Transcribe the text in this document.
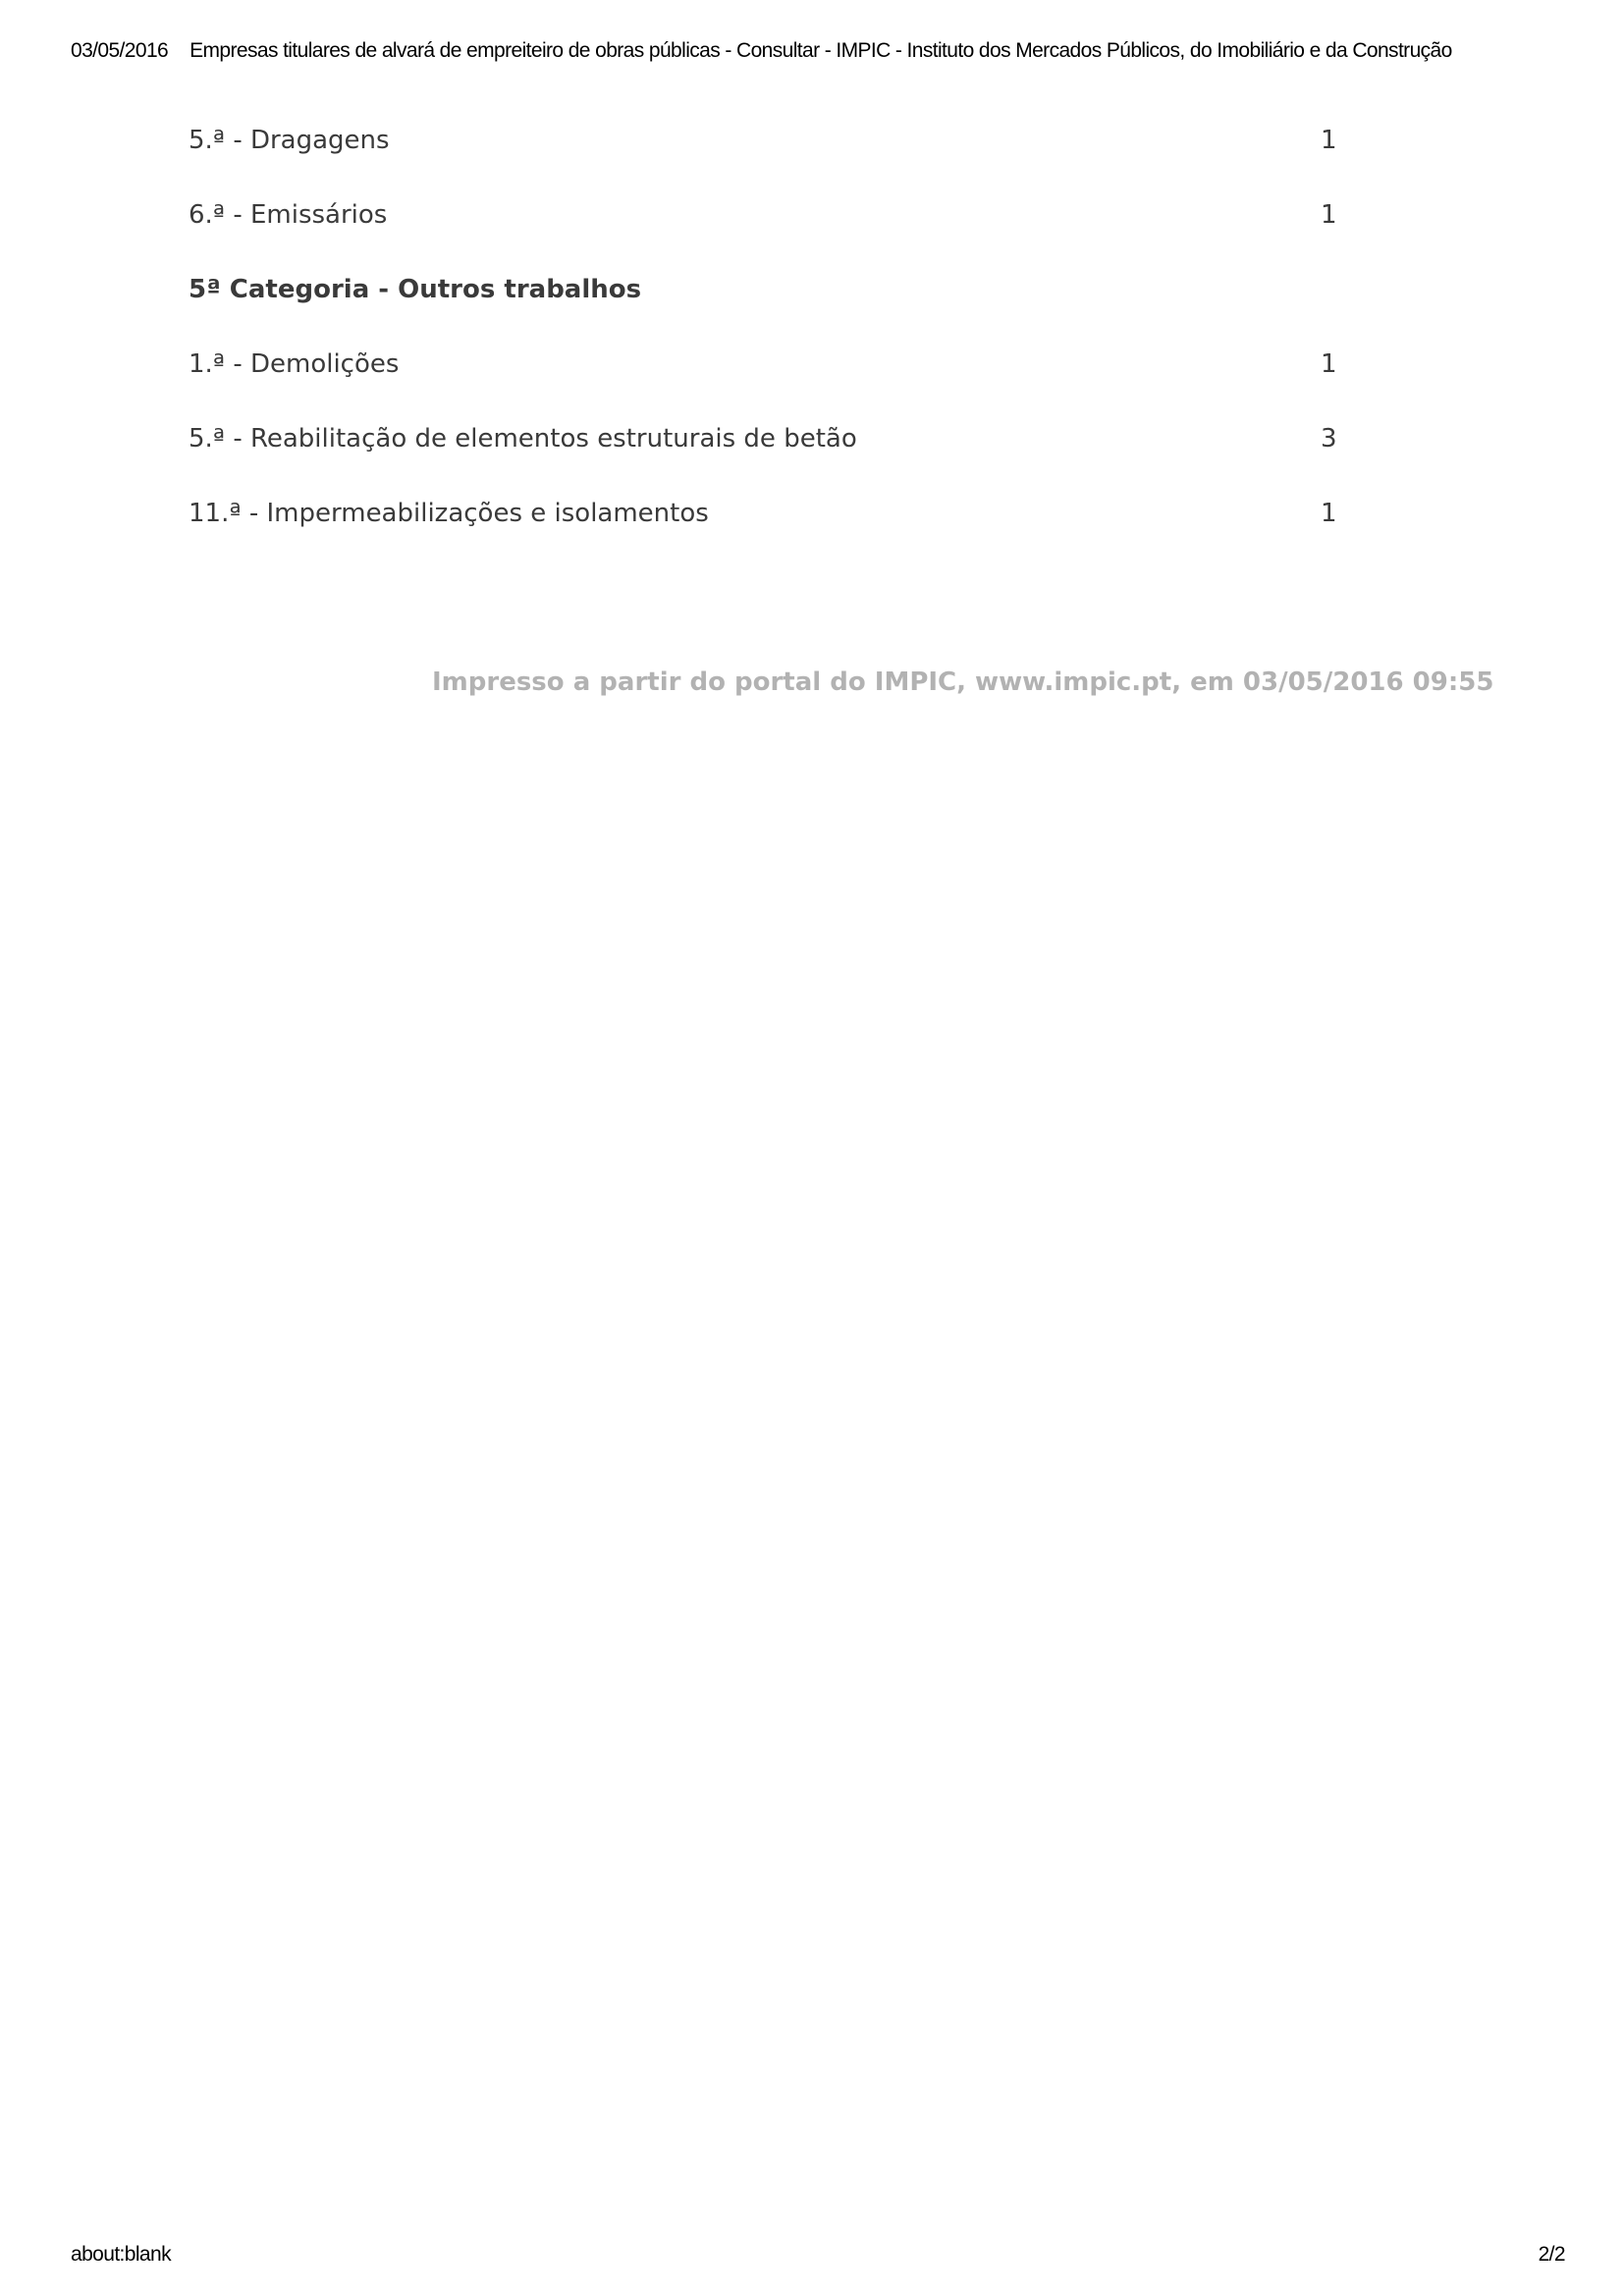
03/05/2016 Empresas titulares de alvará de empreiteiro de obras públicas - Consultar - IMPIC - Instituto dos Mercados Públicos, do Imobiliário e da Construção
5.ª - Dragagens	1
6.ª - Emissários	1
5ª Categoria - Outros trabalhos
1.ª - Demolições	1
5.ª - Reabilitação de elementos estruturais de betão	3
11.ª - Impermeabilizações e isolamentos	1
Impresso a partir do portal do IMPIC, www.impic.pt, em 03/05/2016 09:55
about:blank	2/2
